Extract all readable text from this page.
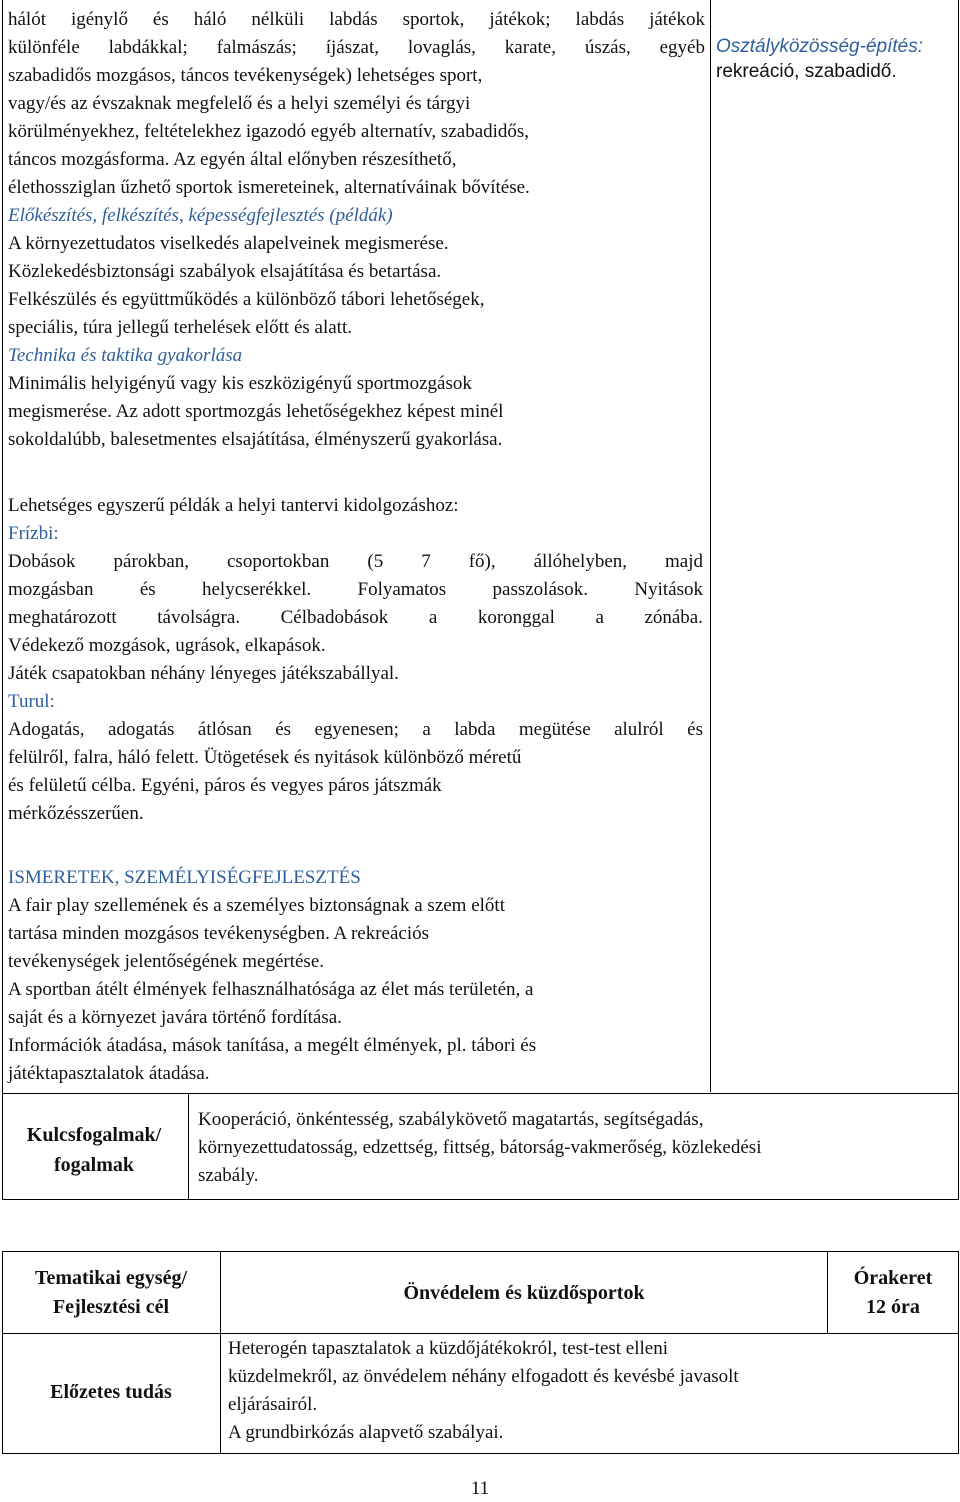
hálót igénylő és háló nélküli labdás sportok, játékok; labdás játékok
különféle labdákkal; falmászás; íjászat, lovaglás, karate, úszás, egyéb
szabadidős mozgásos, táncos tevékenységek) lehetséges sport,
vagy/és az évszaknak megfelelő és a helyi személyi és tárgyi
körülményekhez, feltételekhez igazodó egyéb alternatív, szabadidős,
táncos mozgásforma. Az egyén által előnyben részesíthető,
élethossziglan űzhető sportok ismereteinek, alternatíváinak bővítése.
Előkészítés, felkészítés, képességfejlesztés (példák)
A környezettudatos viselkedés alapelveinek megismerése.
Közlekedésbiztonsági szabályok elsajátítása és betartása.
Felkészülés és együttműködés a különböző tábori lehetőségek,
speciális, túra jellegű terhelések előtt és alatt.
Technika és taktika gyakorlása
Minimális helyigényű vagy kis eszközigényű sportmozgások
megismerése. Az adott sportmozgás lehetőségekhez képest minél
sokoldalúbb, balesetmentes elsajátítása, élményszerű gyakorlása.
Lehetséges egyszerű példák a helyi tantervi kidolgozáshoz:
Frízbi:
Dobások párokban, csoportokban (5 7 fő), állóhelyben, majd
mozgásban és helycserékkel. Folyamatos passzolások. Nyitások
meghatározott távolságra. Célbadobások a koronggal a zónába.
Védekező mozgások, ugrások, elkapások.
Játék csapatokban néhány lényeges játékszabállyal.
Turul:
Adogatás, adogatás átlósan és egyenesen; a labda megütése alulról és
felülről, falra, háló felett. Ütögetések és nyitások különböző méretű
és felületű célba. Egyéni, páros és vegyes páros játszmák
mérkőzésszerűen.
ISMERETEK, SZEMÉLYISÉGFEJLESZTÉS
A fair play szellemének és a személyes biztonságnak a szem előtt
tartása minden mozgásos tevékenységben. A rekreációs
tevékenységek jelentőségének megértése.
A sportban átélt élmények felhasználhatósága az élet más területén, a
saját és a környezet javára történő fordítása.
Információk átadása, mások tanítása, a megélt élmények, pl. tábori és
játéktapasztalatok átadása.
Osztályközösség-építés: rekreáció, szabadidő.
Kulcsfogalmak/ fogalmak
Kooperáció, önkéntesség, szabálykövető magatartás, segítségadás,
környezettudatosság, edzettség, fittség, bátorság-vakmerőség, közlekedési
szabály.
Tematikai egység/ Fejlesztési cél
Önvédelem és küzdősportok
Órakeret
12 óra
Előzetes tudás
Heterogén tapasztalatok a küzdőjátékokról, test-test elleni
küzdelmekről, az önvédelem néhány elfogadott és kevésbé javasolt
eljárásairól.
A grundbirkózás alapvető szabályai.
11
